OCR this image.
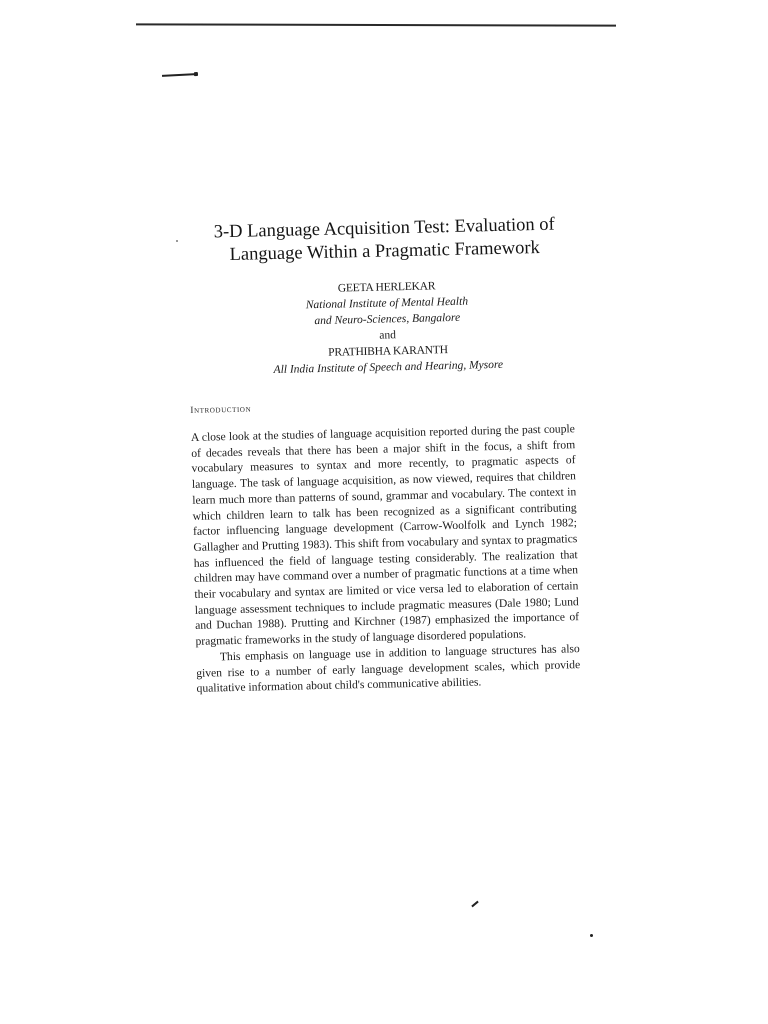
3-D Language Acquisition Test: Evaluation of
Language Within a Pragmatic Framework
GEETA HERLEKAR
National Institute of Mental Health
and Neuro-Sciences, Bangalore
and
PRATHIBHA KARANTH
All India Institute of Speech and Hearing, Mysore
Introduction

A close look at the studies of language acquisition reported during the past couple of decades reveals that there has been a major shift in the focus, a shift from vocabulary measures to syntax and more recently, to pragmatic aspects of language. The task of language acquisition, as now viewed, requires that children learn much more than patterns of sound, grammar and vocabulary. The context in which children learn to talk has been recognized as a significant contributing factor influencing language development (Carrow-Woolfolk and Lynch 1982; Gallagher and Prutting 1983). This shift from vocabulary and syntax to pragmatics has influenced the field of language testing considerably. The realization that children may have command over a number of pragmatic functions at a time when their vocabulary and syntax are limited or vice versa led to elaboration of certain language assessment techniques to include pragmatic measures (Dale 1980; Lund and Duchan 1988). Prutting and Kirchner (1987) emphasized the importance of pragmatic frameworks in the study of language disordered populations.

This emphasis on language use in addition to language structures has also given rise to a number of early language development scales, which provide qualitative information about child's communicative abilities.
